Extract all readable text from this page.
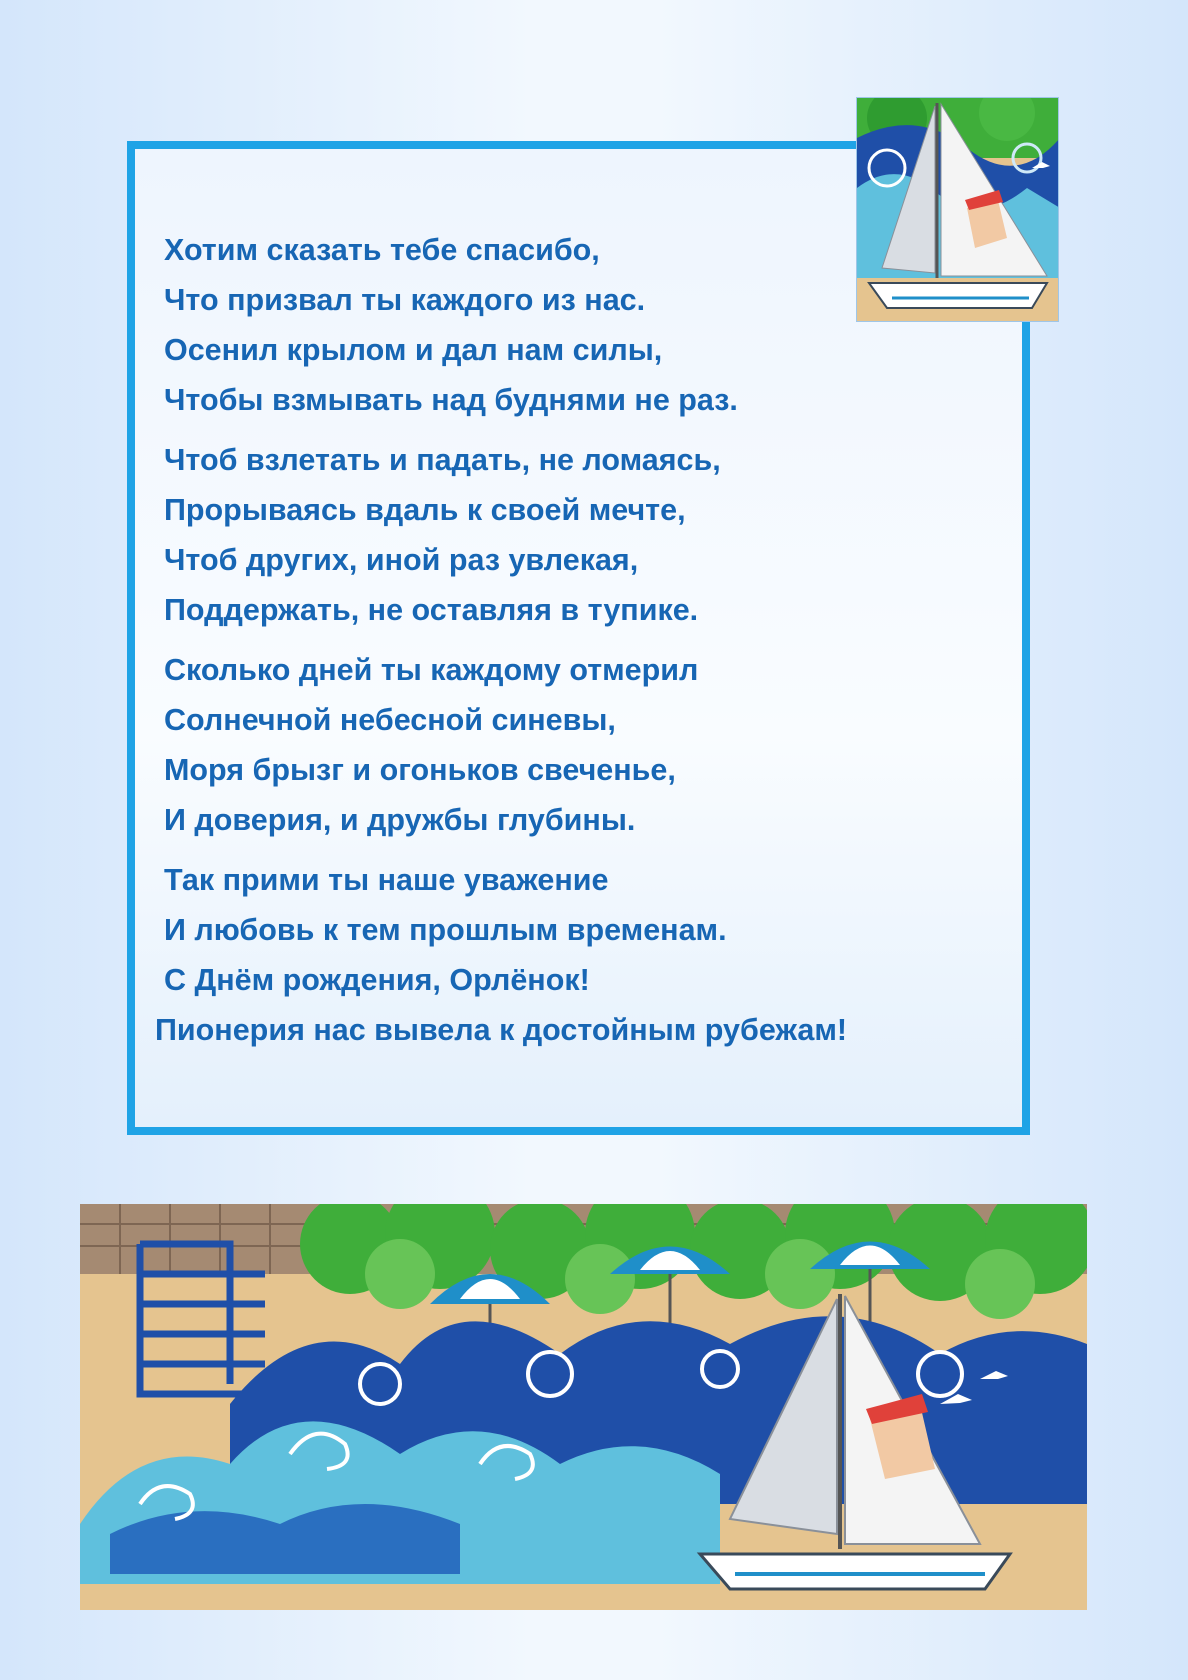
Хотим сказать тебе спасибо,
Что призвал ты каждого из нас.
Осенил крылом и дал нам силы,
Чтобы взмывать над буднями не раз.
Чтоб взлетать и падать, не ломаясь,
Прорываясь вдаль к своей мечте,
Чтоб других, иной раз увлекая,
Поддержать, не оставляя в тупике.
Сколько дней ты каждому отмерил
Солнечной небесной синевы,
Моря брызг и огоньков свеченье,
И доверия, и дружбы глубины.
Так прими ты наше уважение
И любовь к тем прошлым временам.
С Днём рождения, Орлёнок!
Пионерия нас вывела к достойным рубежам!
